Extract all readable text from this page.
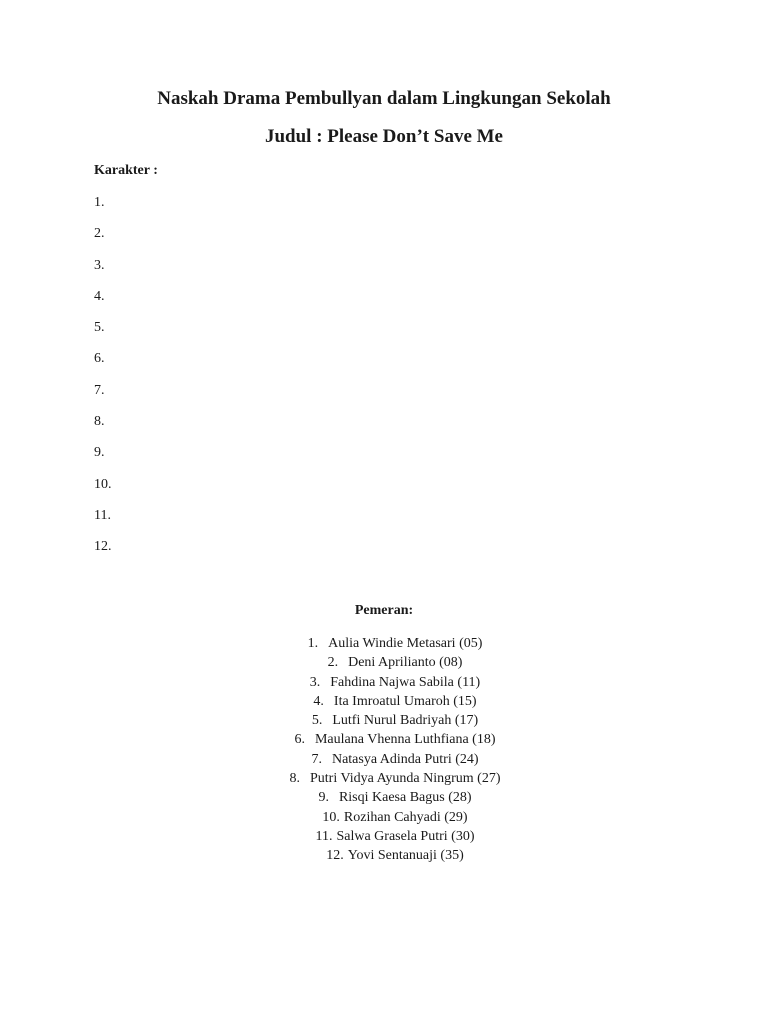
Naskah Drama Pembullyan dalam Lingkungan Sekolah
Judul : Please Don’t Save Me

Karakter :

1.
2.
3.
4.
5.
6.
7.
8.
9.
10.
11.
12.

Pemeran:

1. Aulia Windie Metasari (05)
2. Deni Aprilianto (08)
3. Fahdina Najwa Sabila (11)
4. Ita Imroatul Umaroh (15)
5. Lutfi Nurul Badriyah (17)
6. Maulana Vhenna Luthfiana (18)
7. Natasya Adinda Putri (24)
8. Putri Vidya Ayunda Ningrum (27)
9. Risqi Kaesa Bagus (28)
10. Rozihan Cahyadi (29)
11. Salwa Grasela Putri (30)
12. Yovi Sentanuaji (35)
